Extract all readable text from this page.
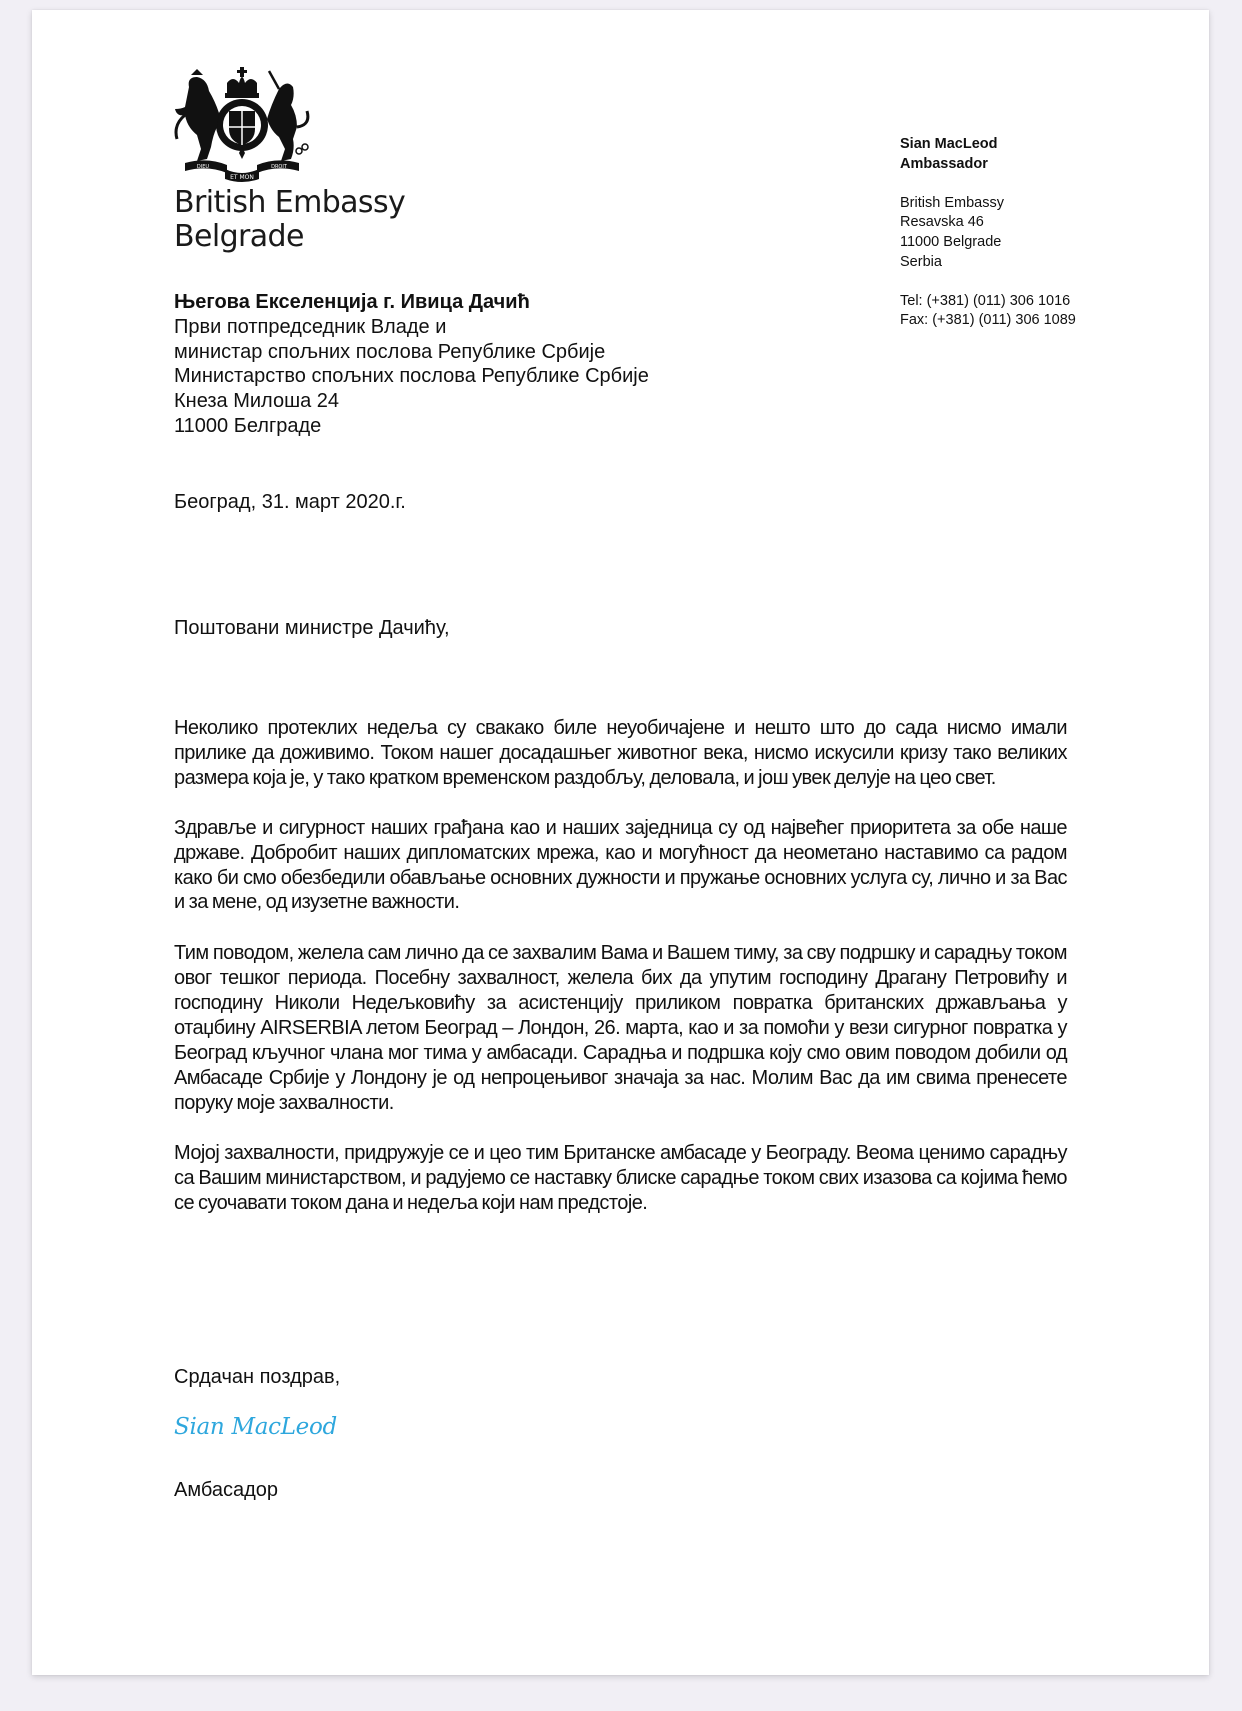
ET MON
DIEU	DROIT
British Embassy
Belgrade
Sian MacLeod
Ambassador
British Embassy
Resavska 46
11000 Belgrade
Serbia
Tel: (+381) (011) 306 1016
Fax: (+381) (011) 306 1089
Његова Екселенција г. Ивица Дачић
Први потпредседник Владе и
министар спољних послова Републике Србије
Министарство спољних послова Републике Србије
Кнеза Милоша 24
11000 Белграде
Београд, 31. март 2020.г.
Поштовани министре Дачићу,

Неколико протеклих недеља су свакако биле неуобичајене и нешто што до сада нисмо имали прилике да доживимо. Током нашег досадашњег животног века, нисмо искусили кризу тако великих размера која је, у тако кратком временском раздобљу, деловала, и још увек делује на цео свет.

Здравље и сигурност наших грађана као и наших заједница су од највећег приоритета за обе наше државе. Добробит наших дипломатских мрежа, као и могућност да неометано наставимо са радом како би смо обезбедили обављање основних дужности и пружање основних услуга су, лично и за Вас и за мене, од изузетне важности.

Тим поводом, желела сам лично да се захвалим Вама и Вашем тиму, за сву подршку и сарадњу током овог тешког периода. Посебну захвалност, желела бих да упутим господину Драгану Петровићу и господину Николи Недељковићу за асистенцију приликом повратка британских држављања у отаџбину AIRSERBIA летом Београд – Лондон, 26. марта, као и за помоћи у вези сигурног повратка у Београд кључног члана мог тима у амбасади. Сарадња и подршка коју смо овим поводом добили од Амбасаде Србије у Лондону је од непроцењивог значаја за нас. Молим Вас да им свима пренесете поруку моје захвалности.

Мојој захвалности, придружује се и цео тим Британске амбасаде у Београду. Веома ценимо сарадњу са Вашим министарством, и радујемо се наставку блиске сарадње током свих изазова са којима ћемо се суочавати током дана и недеља који нам предстоје.

Срдачан поздрав,
Sian MacLeod
Амбасадор
